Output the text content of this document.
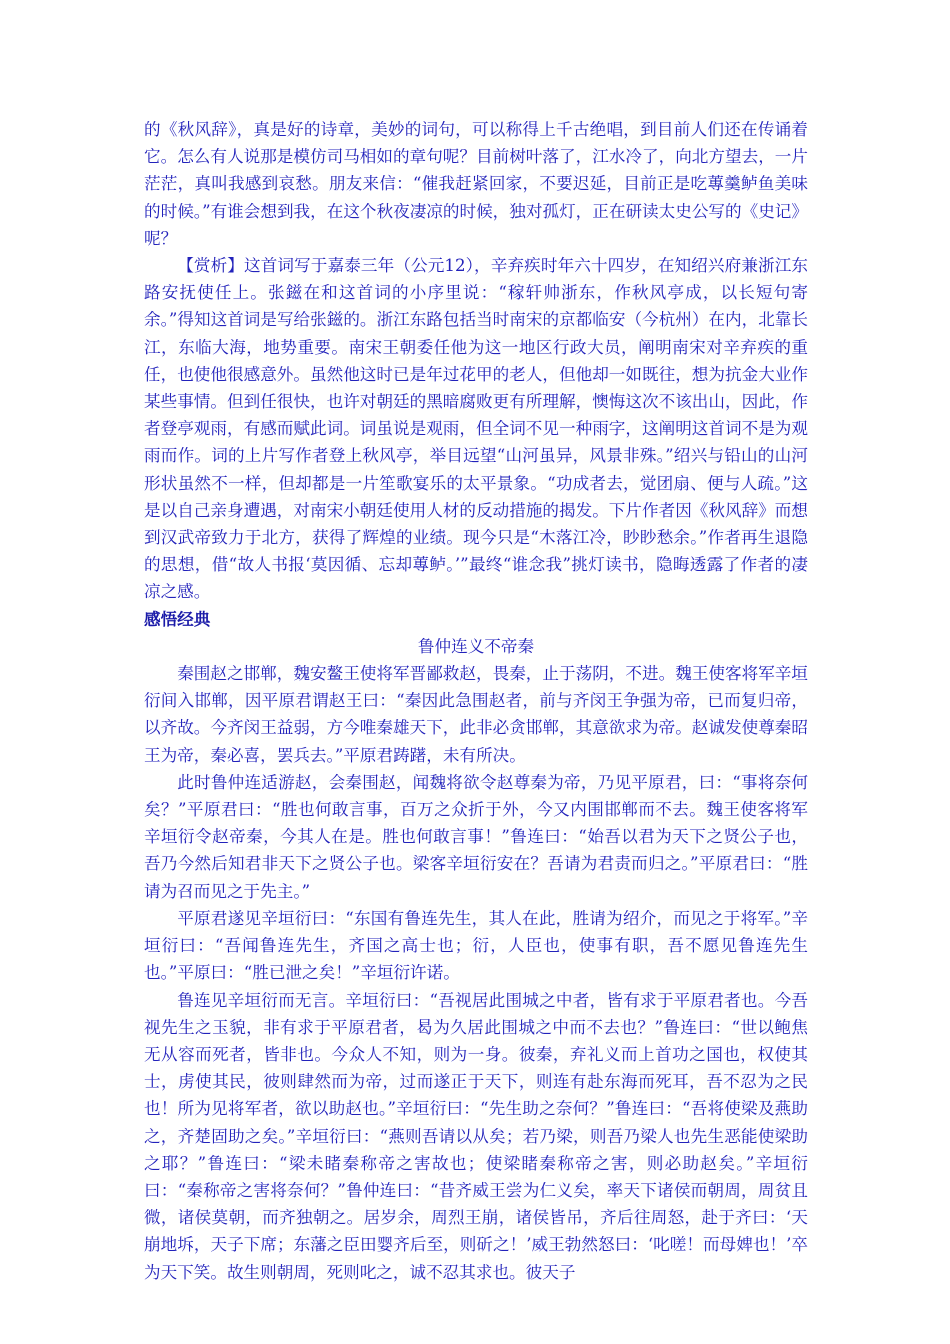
的《秋风辞》，真是好的诗章，美妙的词句，可以称得上千古绝唱，到目前人们还在传诵着它。怎么有人说那是模仿司马相如的章句呢？目前树叶落了，江水冷了，向北方望去，一片茫茫，真叫我感到哀愁。朋友来信：“催我赶紧回家，不要迟延，目前正是吃蓴羹鲈鱼美味的时候。”有谁会想到我，在这个秋夜凄凉的时候，独对孤灯，正在研读太史公写的《史记》呢？

【赏析】这首词写于嘉泰三年（公元12），辛弃疾时年六十四岁，在知绍兴府兼浙江东路安抚使任上。张鎡在和这首词的小序里说：“稼轩帅浙东，作秋风亭成，以长短句寄余。”得知这首词是写给张鎡的。浙江东路包括当时南宋的京都临安（今杭州）在内，北靠长江，东临大海，地势重要。南宋王朝委任他为这一地区行政大员，阐明南宋对辛弃疾的重任，也使他很感意外。虽然他这时已是年过花甲的老人，但他却一如既往，想为抗金大业作某些事情。但到任很快，也许对朝廷的黑暗腐败更有所理解，懊悔这次不该出山，因此，作者登亭观雨，有感而赋此词。词虽说是观雨，但全词不见一种雨字，这阐明这首词不是为观雨而作。词的上片写作者登上秋风亭，举目远望“山河虽异，风景非殊。”绍兴与铅山的山河形状虽然不一样，但却都是一片笙歌宴乐的太平景象。“功成者去，觉团扇、便与人疏。”这是以自己亲身遭遇，对南宋小朝廷使用人材的反动措施的揭发。下片作者因《秋风辞》而想到汉武帝致力于北方，获得了辉煌的业绩。现今只是“木落江冷，眇眇愁余。”作者再生退隐的思想，借“故人书报‘莫因循、忘却蓴鲈。’”最终“谁念我”挑灯读书，隐晦透露了作者的凄凉之感。

感悟经典

鲁仲连义不帝秦

秦围赵之邯郸，魏安鳌王使将军晋鄙救赵，畏秦，止于荡阴，不进。魏王使客将军辛垣衍间入邯郸，因平原君谓赵王曰：“秦因此急围赵者，前与齐闵王争强为帝，已而复归帝，以齐故。今齐闵王益弱，方今唯秦雄天下，此非必贪邯郸，其意欲求为帝。赵诚发使尊秦昭王为帝，秦必喜，罢兵去。”平原君踌躇，未有所决。

此时鲁仲连适游赵，会秦围赵，闻魏将欲令赵尊秦为帝，乃见平原君，曰：“事将奈何矣？”平原君曰：“胜也何敢言事，百万之众折于外，今又内围邯郸而不去。魏王使客将军辛垣衍令赵帝秦，今其人在是。胜也何敢言事！”鲁连曰：“始吾以君为天下之贤公子也，吾乃今然后知君非天下之贤公子也。梁客辛垣衍安在？吾请为君责而归之。”平原君曰：“胜请为召而见之于先主。”

平原君遂见辛垣衍曰：“东国有鲁连先生，其人在此，胜请为绍介，而见之于将军。”辛垣衍曰：“吾闻鲁连先生，齐国之高士也；衍，人臣也，使事有职，吾不愿见鲁连先生也。”平原曰：“胜已泄之矣！”辛垣衍许诺。

鲁连见辛垣衍而无言。辛垣衍曰：“吾视居此围城之中者，皆有求于平原君者也。今吾视先生之玉貌，非有求于平原君者，曷为久居此围城之中而不去也？”鲁连曰：“世以鲍焦无从容而死者，皆非也。今众人不知，则为一身。彼秦，弃礼义而上首功之国也，权使其士，虏使其民，彼则肆然而为帝，过而遂正于天下，则连有赴东海而死耳，吾不忍为之民也！所为见将军者，欲以助赵也。”辛垣衍曰：“先生助之奈何？”鲁连曰：“吾将使梁及燕助之，齐楚固助之矣。”辛垣衍曰：“燕则吾请以从矣；若乃梁，则吾乃梁人也先生恶能使梁助之耶？”鲁连曰：“梁未睹秦称帝之害故也；使梁睹秦称帝之害，则必助赵矣。”辛垣衍曰：“秦称帝之害将奈何？”鲁仲连曰：“昔齐威王尝为仁义矣，率天下诸侯而朝周，周贫且微，诸侯莫朝，而齐独朝之。居岁余，周烈王崩，诸侯皆吊，齐后往周怒，赴于齐曰：‘天崩地坼，天子下席；东藩之臣田婴齐后至，则斫之！’威王勃然怒曰：‘叱嗟！而母婢也！’卒为天下笑。故生则朝周，死则叱之，诚不忍其求也。彼天子
